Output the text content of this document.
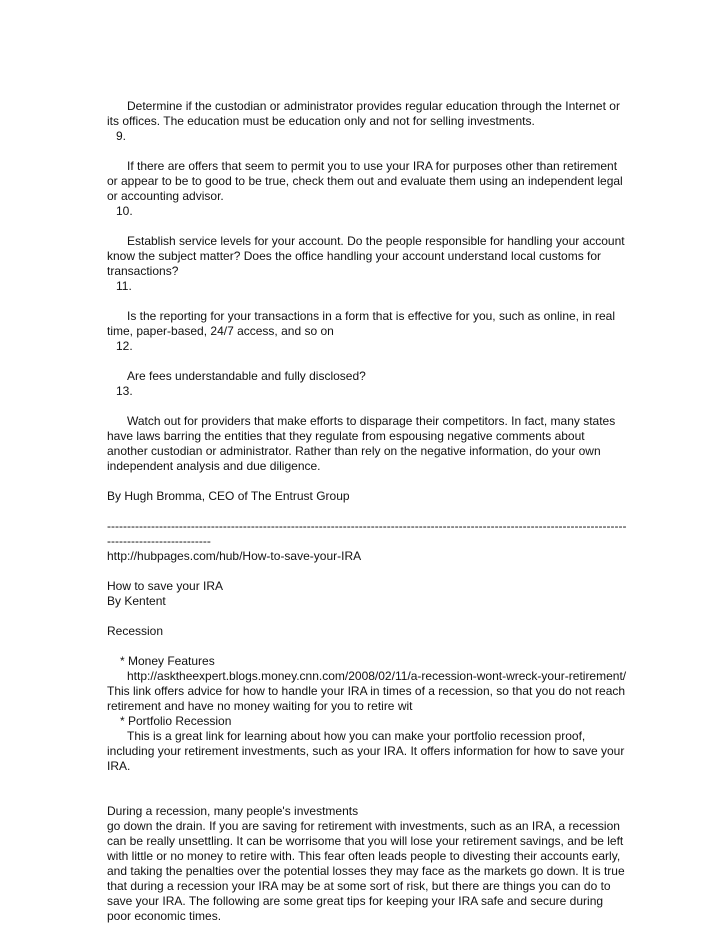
Determine if the custodian or administrator provides regular education through the Internet or its offices. The education must be education only and not for selling investments.

9.

If there are offers that seem to permit you to use your IRA for purposes other than retirement or appear to be to good to be true, check them out and evaluate them using an independent legal or accounting advisor.

10.

Establish service levels for your account. Do the people responsible for handling your account know the subject matter? Does the office handling your account understand local customs for transactions?

11.

Is the reporting for your transactions in a form that is effective for you, such as online, in real time, paper-based, 24/7 access, and so on

12.

Are fees understandable and fully disclosed?

13.

Watch out for providers that make efforts to disparage their competitors. In fact, many states have laws barring the entities that they regulate from espousing negative comments about another custodian or administrator. Rather than rely on the negative information, do your own independent analysis and due diligence.

By Hugh Bromma, CEO of The Entrust Group

------------------------------------------------------------------------------------------------------------------------------------------------------------

http://hubpages.com/hub/How-to-save-your-IRA

How to save your IRA

By Kentent

Recession

* Money Features

http://asktheexpert.blogs.money.cnn.com/2008/02/11/a-recession-wont-wreck-your-retirement/ This link offers advice for how to handle your IRA in times of a recession, so that you do not reach retirement and have no money waiting for you to retire wit

* Portfolio Recession

This is a great link for learning about how you can make your portfolio recession proof, including your retirement investments, such as your IRA. It offers information for how to save your IRA.

During a recession, many people's investments

go down the drain. If you are saving for retirement with investments, such as an IRA, a recession can be really unsettling. It can be worrisome that you will lose your retirement savings, and be left with little or no money to retire with. This fear often leads people to divesting their accounts early, and taking the penalties over the potential losses they may face as the markets go down. It is true that during a recession your IRA may be at some sort of risk, but there are things you can do to save your IRA. The following are some great tips for keeping your IRA safe and secure during poor economic times.
